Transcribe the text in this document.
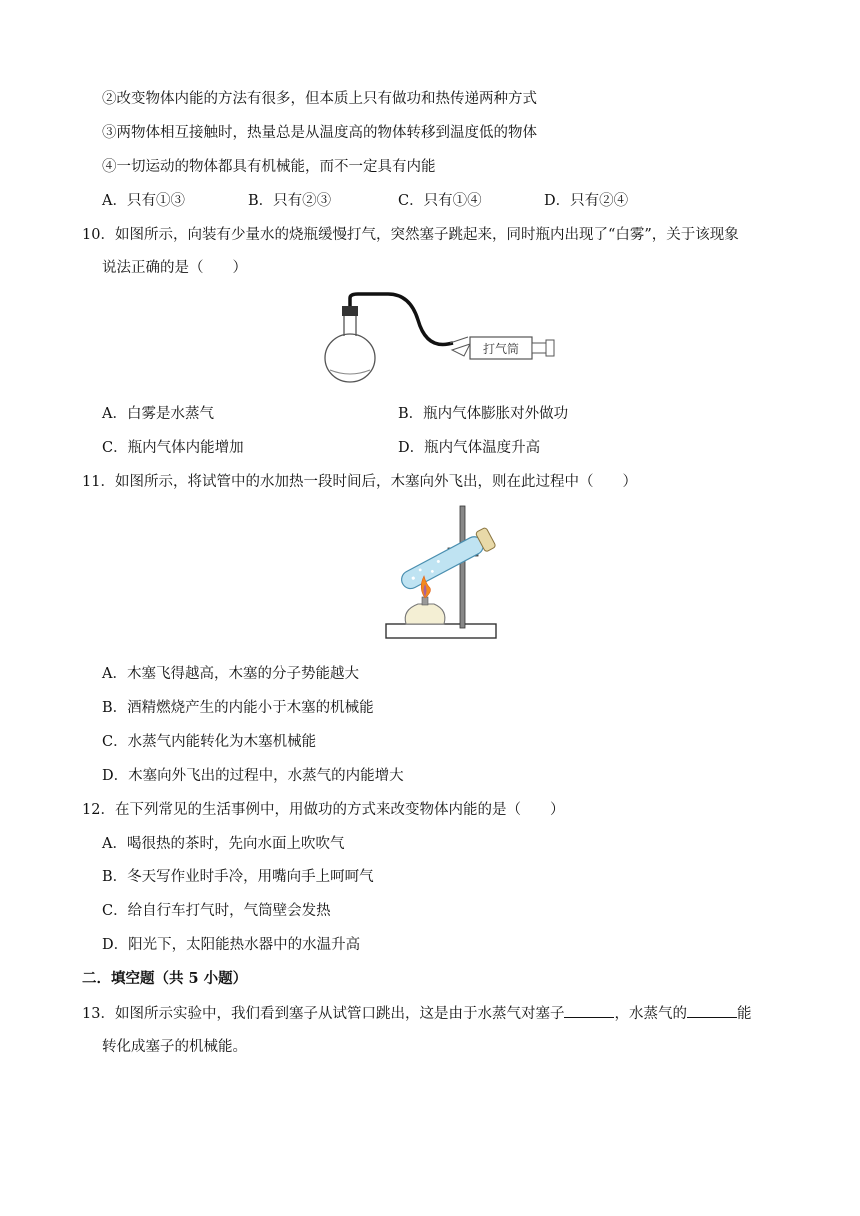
②改变物体内能的方法有很多，但本质上只有做功和热传递两种方式
③两物体相互接触时，热量总是从温度高的物体转移到温度低的物体
④一切运动的物体都具有机械能，而不一定具有内能
A．只有①③	B．只有②③	C．只有①④	D．只有②④
10．如图所示，向装有少量水的烧瓶缓慢打气，突然塞子跳起来，同时瓶内出现了“白雾”，关于该现象
说法正确的是（　　）
打气筒
A．白雾是水蒸气	B．瓶内气体膨胀对外做功
C．瓶内气体内能增加	D．瓶内气体温度升高
11．如图所示，将试管中的水加热一段时间后，木塞向外飞出，则在此过程中（　　）
A．木塞飞得越高，木塞的分子势能越大
B．酒精燃烧产生的内能小于木塞的机械能
C．水蒸气内能转化为木塞机械能
D．木塞向外飞出的过程中，水蒸气的内能增大
12．在下列常见的生活事例中，用做功的方式来改变物体内能的是（　　）
A．喝很热的茶时，先向水面上吹吹气
B．冬天写作业时手冷，用嘴向手上呵呵气
C．给自行车打气时，气筒壁会发热
D．阳光下，太阳能热水器中的水温升高
二．填空题（共 5 小题）
13．如图所示实验中，我们看到塞子从试管口跳出，这是由于水蒸气对塞子	，水蒸气的	能
转化成塞子的机械能。
